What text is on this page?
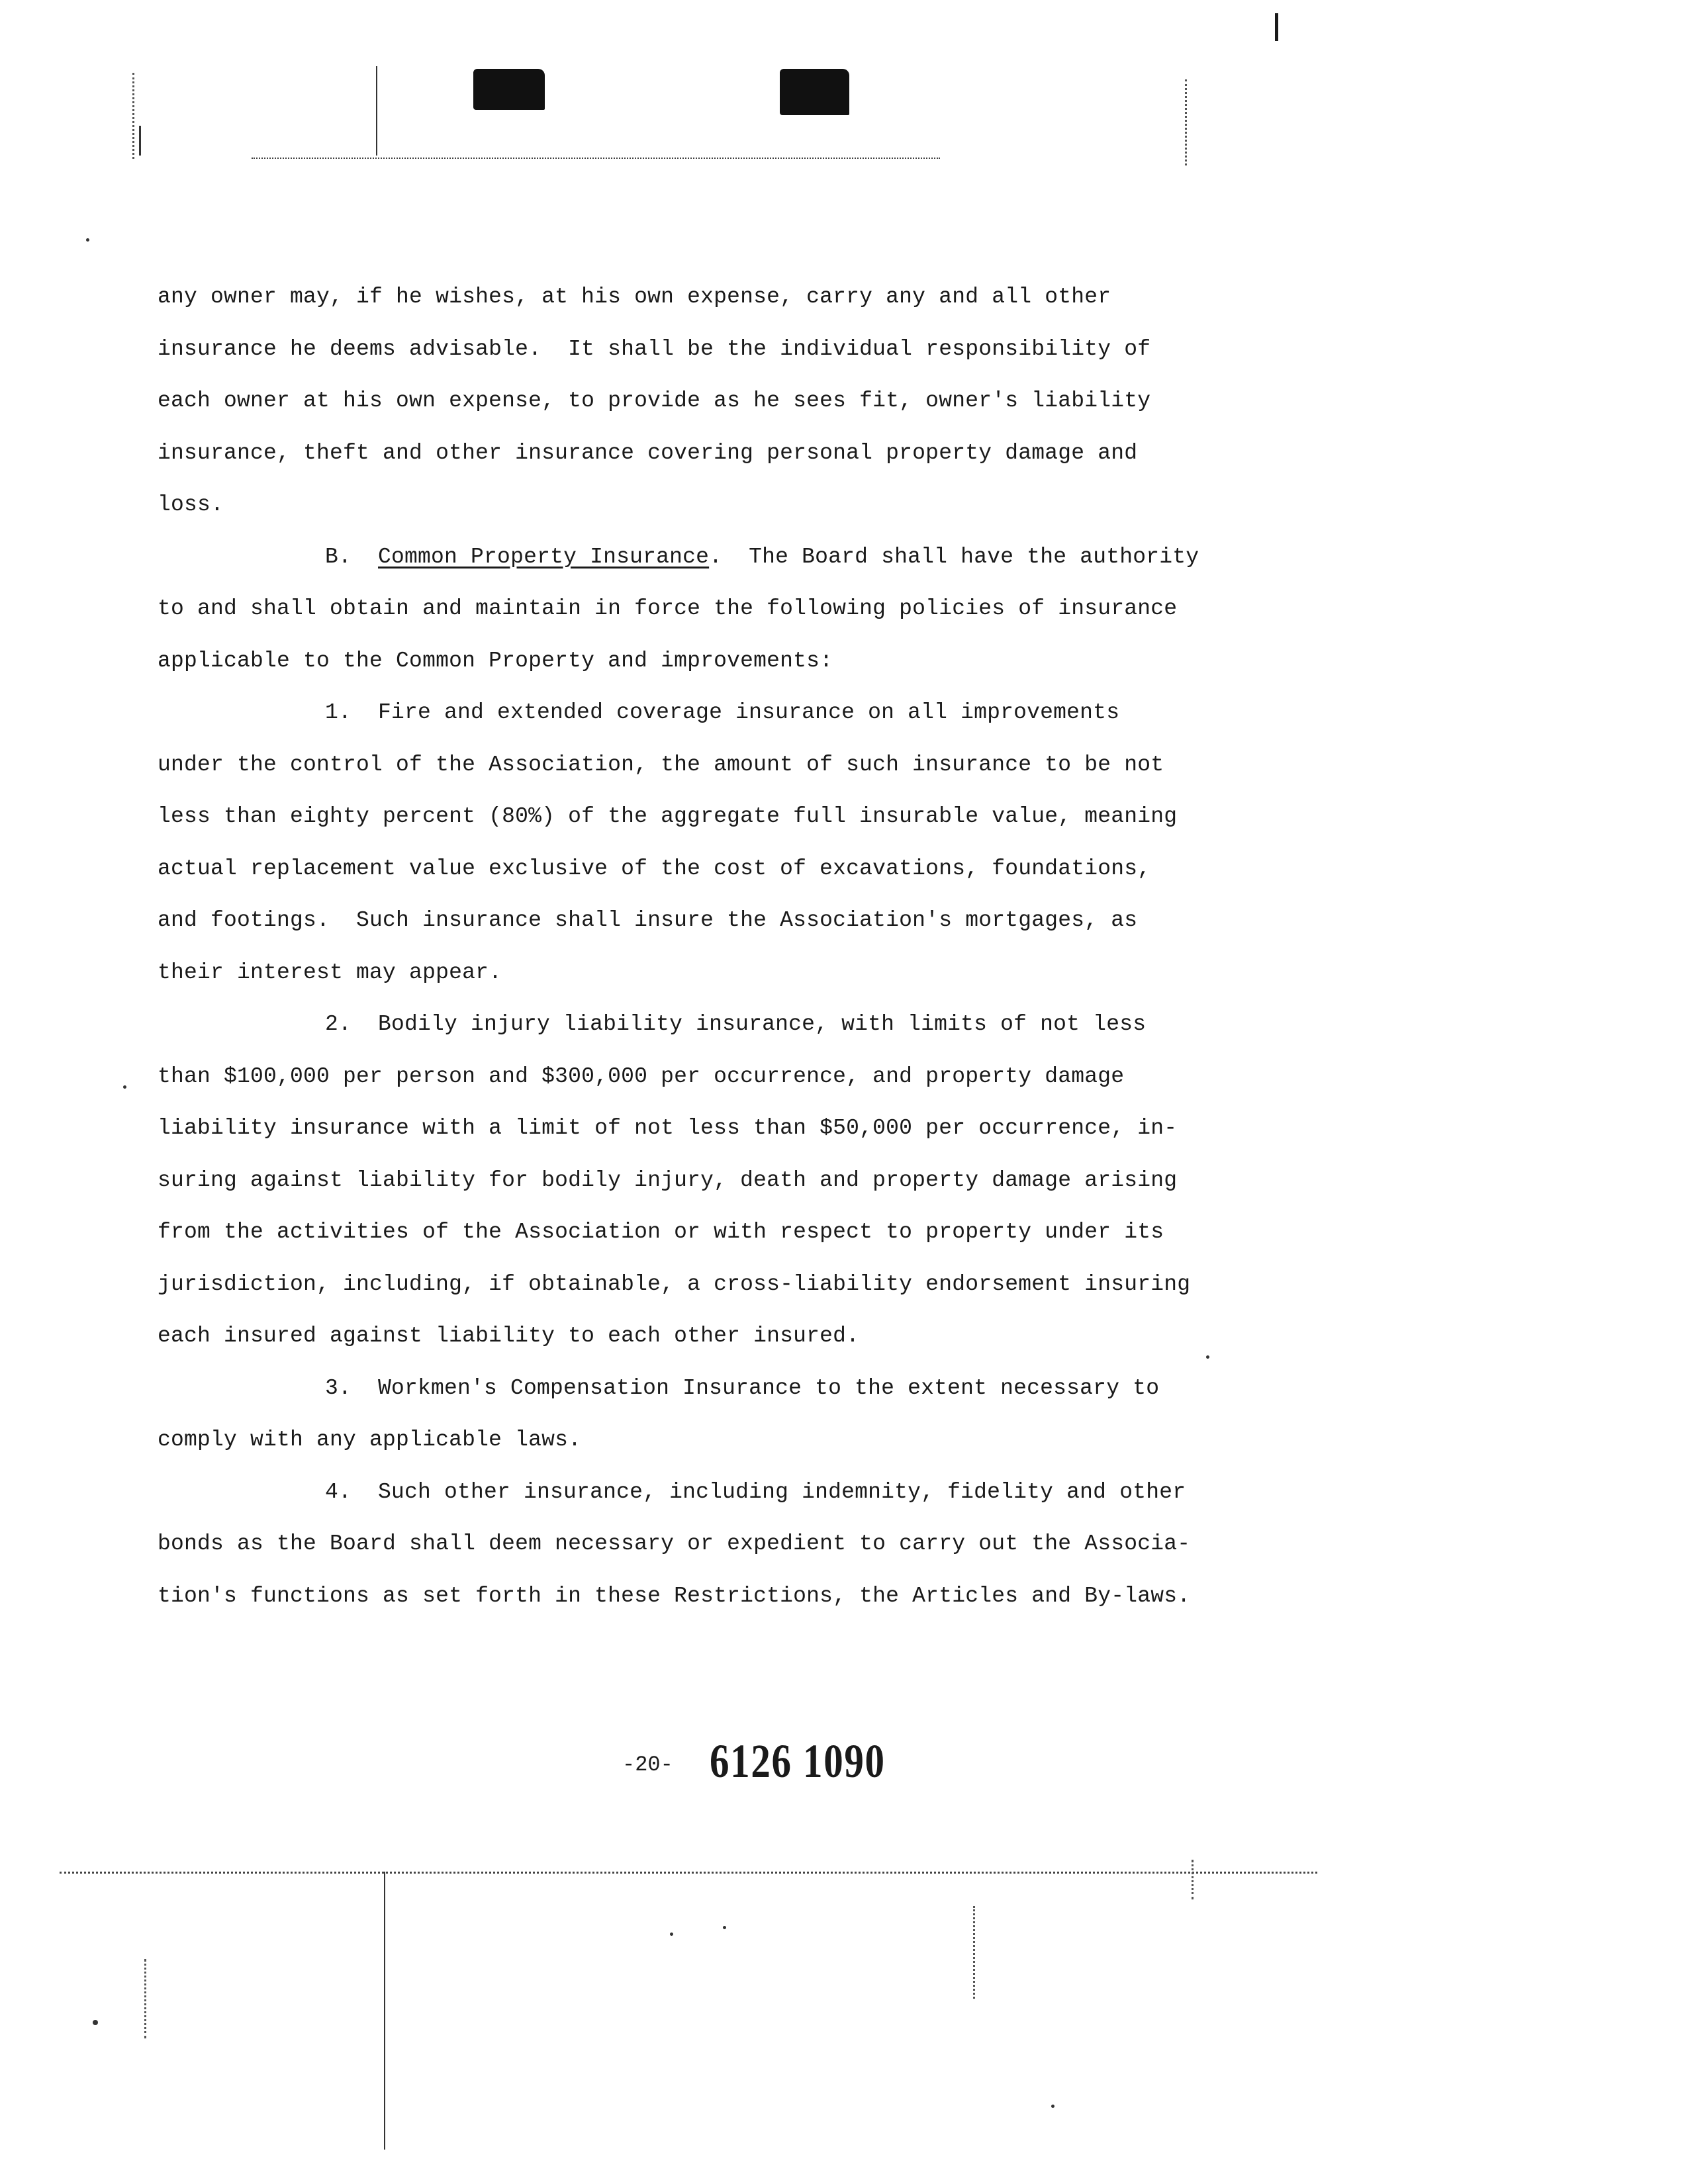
any owner may, if he wishes, at his own expense, carry any and all other
insurance he deems advisable.  It shall be the individual responsibility of
each owner at his own expense, to provide as he sees fit, owner's liability
insurance, theft and other insurance covering personal property damage and
loss.
B. Common Property Insurance.  The Board shall have the authority
to and shall obtain and maintain in force the following policies of insurance
applicable to the Common Property and improvements:
1.  Fire and extended coverage insurance on all improvements
under the control of the Association, the amount of such insurance to be not
less than eighty percent (80%) of the aggregate full insurable value, meaning
actual replacement value exclusive of the cost of excavations, foundations,
and footings.  Such insurance shall insure the Association's mortgages, as
their interest may appear.
2.  Bodily injury liability insurance, with limits of not less
than $100,000 per person and $300,000 per occurrence, and property damage
liability insurance with a limit of not less than $50,000 per occurrence, in-
suring against liability for bodily injury, death and property damage arising
from the activities of the Association or with respect to property under its
jurisdiction, including, if obtainable, a cross-liability endorsement insuring
each insured against liability to each other insured.
3.  Workmen's Compensation Insurance to the extent necessary to
comply with any applicable laws.
4.  Such other insurance, including indemnity, fidelity and other
bonds as the Board shall deem necessary or expedient to carry out the Associa-
tion's functions as set forth in these Restrictions, the Articles and By-laws.
-20- 6126 1090
